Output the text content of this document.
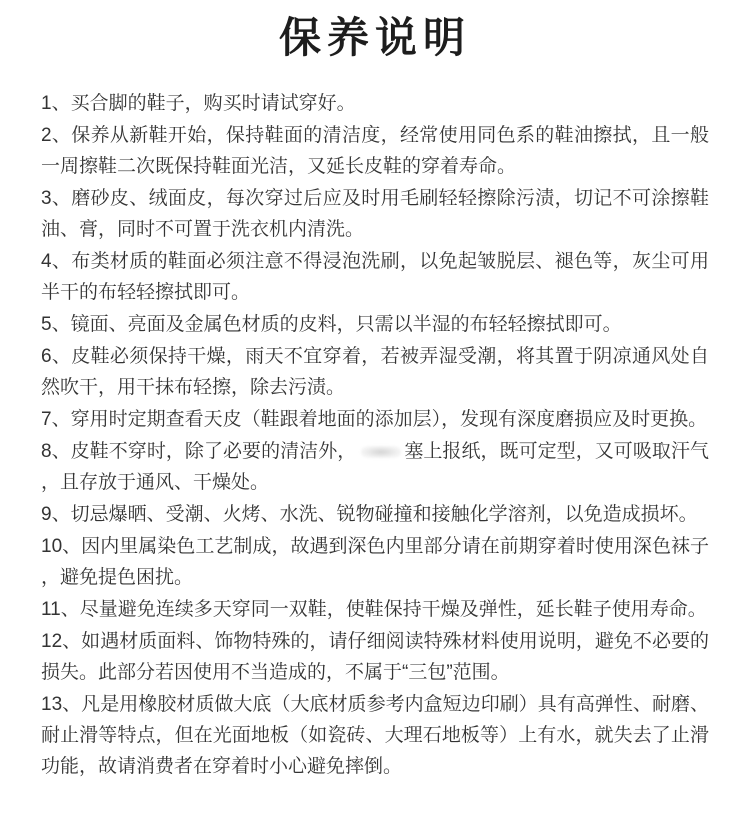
保养说明

1、买合脚的鞋子，购买时请试穿好。

2、保养从新鞋开始，保持鞋面的清洁度，经常使用同色系的鞋油擦拭，且一般一周擦鞋二次既保持鞋面光洁，又延长皮鞋的穿着寿命。

3、磨砂皮、绒面皮，每次穿过后应及时用毛刷轻轻擦除污渍，切记不可涂擦鞋油、膏，同时不可置于洗衣机内清洗。

4、布类材质的鞋面必须注意不得浸泡洗刷，以免起皱脱层、褪色等，灰尘可用半干的布轻轻擦拭即可。

5、镜面、亮面及金属色材质的皮料，只需以半湿的布轻轻擦拭即可。

6、皮鞋必须保持干燥，雨天不宜穿着，若被弄湿受潮，将其置于阴凉通风处自然吹干，用干抹布轻擦，除去污渍。

7、穿用时定期查看天皮（鞋跟着地面的添加层），发现有深度磨损应及时更换。

8、皮鞋不穿时，除了必要的清洁外，	塞上报纸，既可定型，又可吸取汗气，且存放于通风、干燥处。

9、切忌爆晒、受潮、火烤、水洗、锐物碰撞和接触化学溶剂，以免造成损坏。

10、因内里属染色工艺制成，故遇到深色内里部分请在前期穿着时使用深色袜子，避免提色困扰。

11、尽量避免连续多天穿同一双鞋，使鞋保持干燥及弹性，延长鞋子使用寿命。

12、如遇材质面料、饰物特殊的，请仔细阅读特殊材料使用说明，避免不必要的损失。此部分若因使用不当造成的，不属于“三包”范围。

13、凡是用橡胶材质做大底（大底材质参考内盒短边印刷）具有高弹性、耐磨、耐止滑等特点，但在光面地板（如瓷砖、大理石地板等）上有水，就失去了止滑功能，故请消费者在穿着时小心避免摔倒。
